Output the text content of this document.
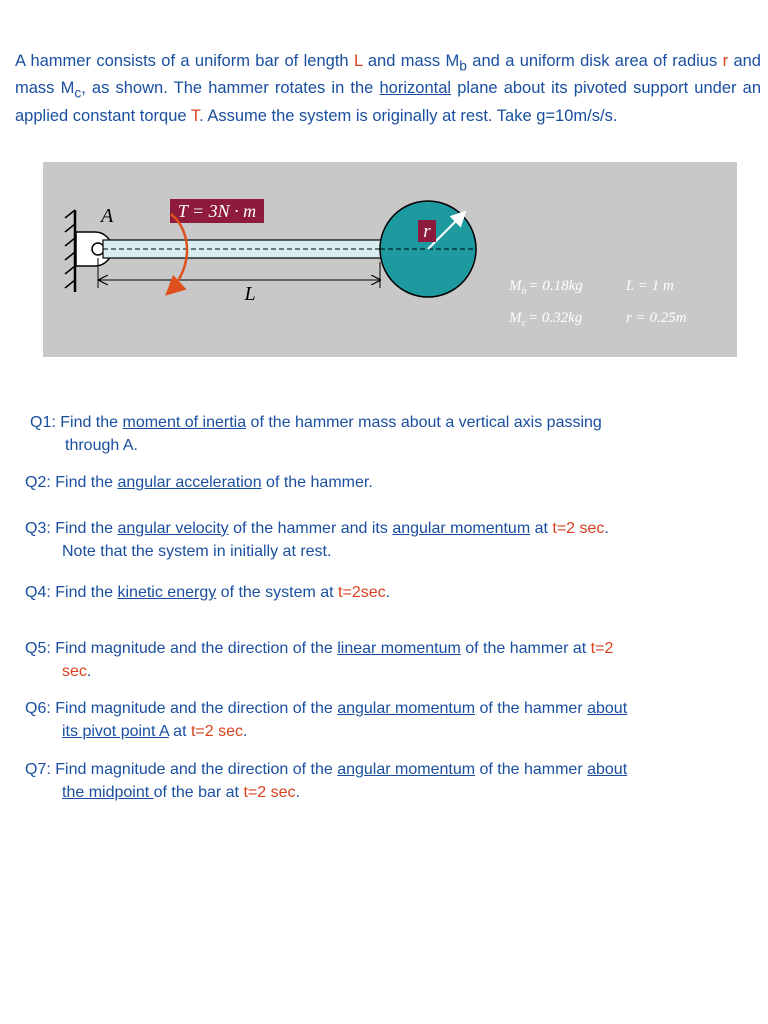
A hammer consists of a uniform bar of length L and mass $M_b$ and a uniform disk area of radius r and mass $M_c$, as shown. The hammer rotates in the horizontal plane about its pivoted support under an applied constant torque T. Assume the system is originally at rest. Take g=10m/s/s.
r
L
A	T = 3N · m
$M_b = 0.18kg$	L = 1 m
$M_c = 0.32kg$	r = 0.25m
Q1: Find the moment of inertia of the hammer mass about a vertical axis passing
through A.
Q2: Find the angular acceleration of the hammer.
Q3: Find the angular velocity of the hammer and its angular momentum at t=2 sec.
Note that the system in initially at rest.
Q4: Find the kinetic energy of the system at t=2sec.
Q5: Find magnitude and the direction of the linear momentum of the hammer at t=2
sec.
Q6: Find magnitude and the direction of the angular momentum of the hammer about
its pivot point A at t=2 sec.
Q7: Find magnitude and the direction of the angular momentum of the hammer about
the midpoint of the bar at t=2 sec.
